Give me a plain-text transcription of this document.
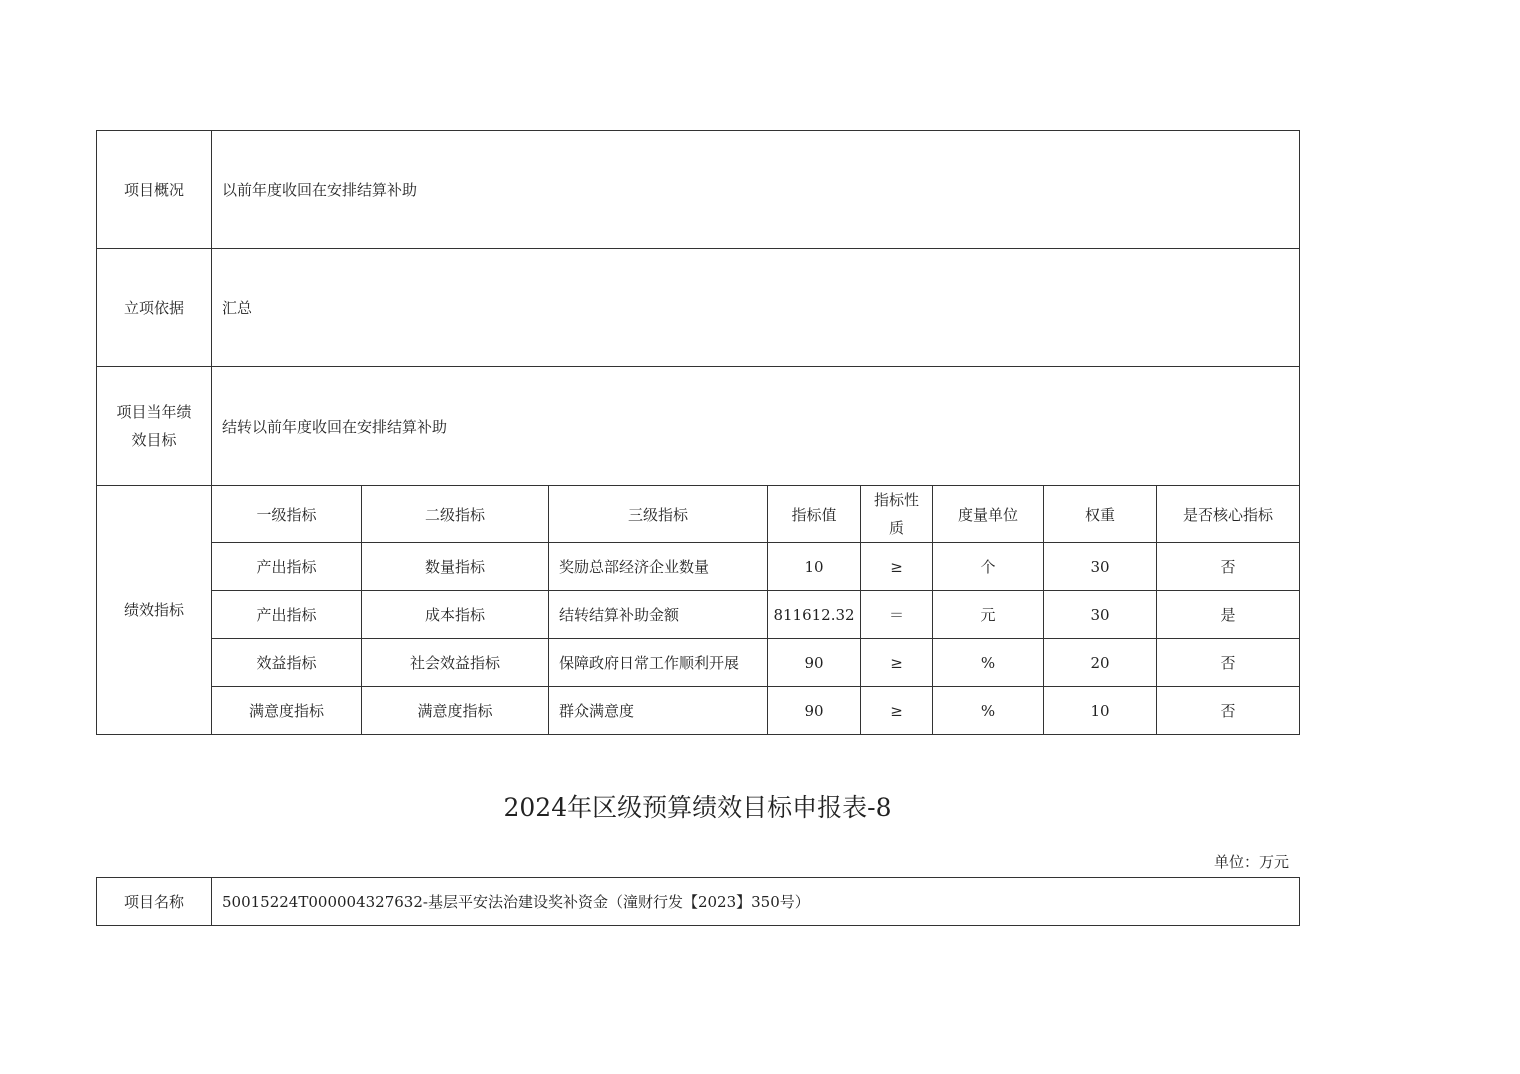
项目概况	以前年度收回在安排结算补助							
立项依据	汇总							
项目当年绩效目标	结转以前年度收回在安排结算补助							
绩效指标	一级指标	二级指标	三级指标	指标值	指标性质	度量单位	权重	是否核心指标
	产出指标	数量指标	奖励总部经济企业数量	10	≥	个	30	否
	产出指标	成本指标	结转结算补助金额	811612.32	＝	元	30	是
	效益指标	社会效益指标	保障政府日常工作顺利开展	90	≥	%	20	否
	满意度指标	满意度指标	群众满意度	90	≥	%	10	否
2024年区级预算绩效目标申报表-8
单位：万元
项目名称	50015224T000004327632-基层平安法治建设奖补资金（潼财行发【2023】350号）
